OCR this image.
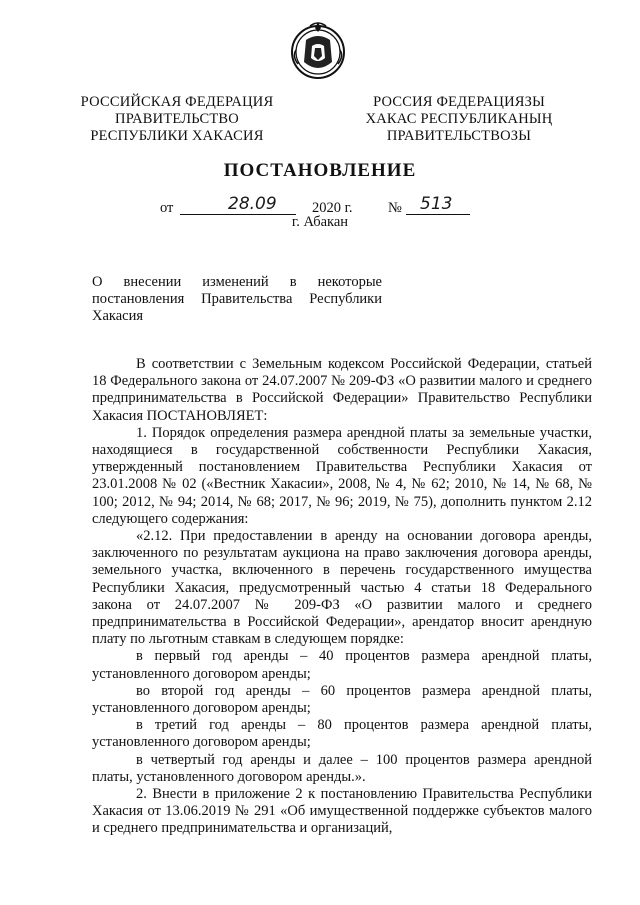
РОССИЙСКАЯ ФЕДЕРАЦИЯ
ПРАВИТЕЛЬСТВО
РЕСПУБЛИКИ ХАКАСИЯ
РОССИЯ ФЕДЕРАЦИЯЗЫ
ХАКАС РЕСПУБЛИКАНЫҢ
ПРАВИТЕЛЬСТВОЗЫ
ПОСТАНОВЛЕНИЕ
от	28.09 2020 г. № 513
г. Абакан

О внесении изменений в некоторые

постановления Правительства Республики

Хакасия

В соответствии с Земельным кодексом Российской Федерации, статьей 18 Федерального закона от 24.07.2007 № 209-ФЗ «О развитии малого и среднего предпринимательства в Российской Федерации» Правительство Республики Хакасия ПОСТАНОВЛЯЕТ:

1. Порядок определения размера арендной платы за земельные участки, находящиеся в государственной собственности Республики Хакасия, утвержденный постановлением Правительства Республики Хакасия от 23.01.2008 № 02 («Вестник Хакасии», 2008, № 4, № 62; 2010, № 14, № 68, № 100; 2012, № 94; 2014, № 68; 2017, № 96; 2019, № 75), дополнить пунктом 2.12 следующего содержания:

«2.12. При предоставлении в аренду на основании договора аренды, заключенного по результатам аукциона на право заключения договора аренды, земельного участка, включенного в перечень государственного имущества Республики Хакасия, предусмотренный частью 4 статьи 18 Федерального закона от 24.07.2007 № 209-ФЗ «О развитии малого и среднего предпринимательства в Российской Федерации», арендатор вносит арендную плату по льготным ставкам в следующем порядке:

в первый год аренды – 40 процентов размера арендной платы, установленного договором аренды;

во второй год аренды – 60 процентов размера арендной платы, установленного договором аренды;

в третий год аренды – 80 процентов размера арендной платы, установленного договором аренды;

в четвертый год аренды и далее – 100 процентов размера арендной платы, установленного договором аренды.».

2. Внести в приложение 2 к постановлению Правительства Республики Хакасия от 13.06.2019 № 291 «Об имущественной поддержке субъектов малого и среднего предпринимательства и организаций,
